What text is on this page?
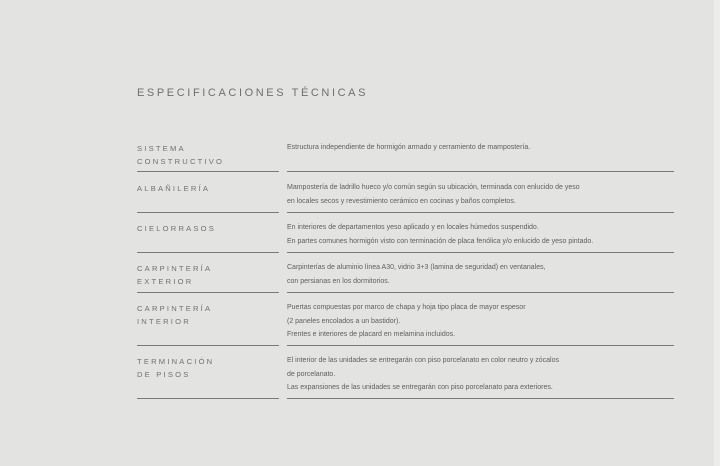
ESPECIFICACIONES TÉCNICAS
SISTEMA
CONSTRUCTIVO
Estructura independiente de hormigón armado y cerramiento de mampostería.
ALBAÑILERÍA	Mampostería de ladrillo hueco y/o común según su ubicación, terminada con enlucido de yeso
en locales secos y revestimiento cerámico en cocinas y baños completos.
CIELORRASOS	En interiores de departamentos yeso aplicado y en locales húmedos suspendido.
En partes comunes hormigón visto con terminación de placa fenólica y/o enlucido de yeso pintado.
CARPINTERÍA
EXTERIOR
Carpinterías de aluminio línea A30, vidrio 3+3 (lamina de seguridad) en ventanales,
con persianas en los dormitorios.
CARPINTERÍA
INTERIOR
Puertas compuestas por marco de chapa y hoja tipo placa de mayor espesor
(2 paneles encolados a un bastidor).
Frentes e interiores de placard en melamina incluidos.
TERMINACIÓN
DE PISOS
El interior de las unidades se entregarán con piso porcelanato en color neutro y zócalos
de porcelanato.
Las expansiones de las unidades se entregarán con piso porcelanato para exteriores.
